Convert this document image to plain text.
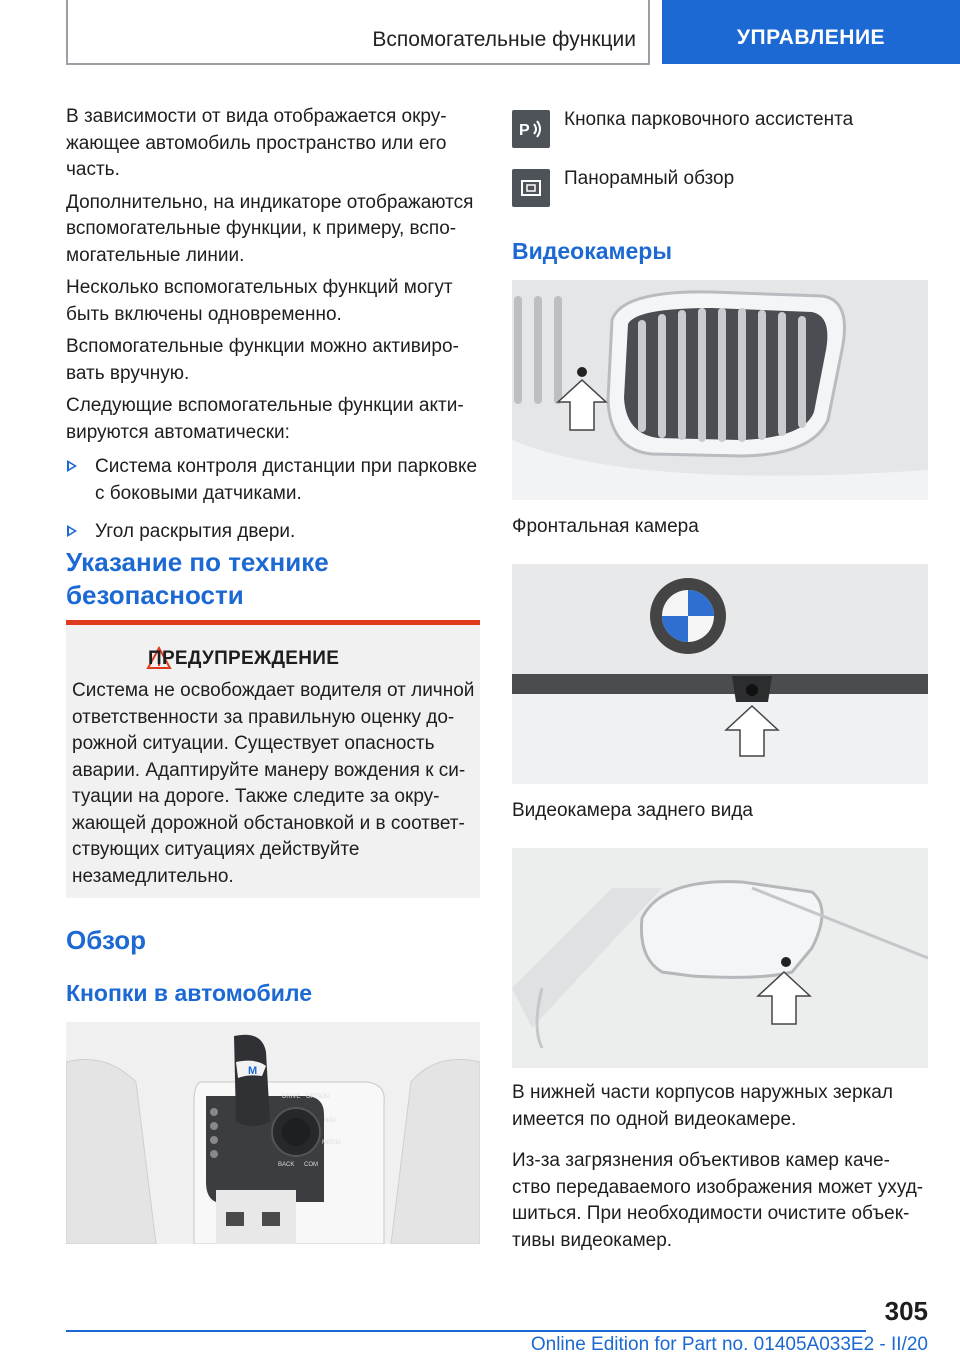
Вспомогательные функции	УПРАВЛЕНИЕ

В зависимости от вида отображается окру-жающее автомобиль пространство или его часть.

Дополнительно, на индикаторе отображаются вспомогательные функции, к примеру, вспо-могательные линии.

Несколько вспомогательных функций могут быть включены одновременно.

Вспомогательные функции можно активиро-вать вручную.

Следующие вспомогательные функции акти-вируются автоматически:

Система контроля дистанции при парковке с боковыми датчиками.
Угол раскрытия двери.

Указание по технике безопасности

ПРЕДУПРЕЖДЕНИЕ
Система не освобождает водителя от личной ответственности за правильную оценку до-рожной ситуации. Существует опасность аварии. Адаптируйте манеру вождения к си-туации на дороге. Также следите за окру-жающей дорожной обстановкой и в соответ-ствующих ситуациях действуйте незамедлительно.

Обзор

Кнопки в автомобиле

M
DRIVE OPTION
BACK COM
NAV
MEDIA
P
Кнопка парковочного ассистента
Панорамный обзор

Видеокамеры

Фронтальная камера
Видеокамера заднего вида
В нижней части корпусов наружных зеркал имеется по одной видеокамере.
Из-за загрязнения объективов камер каче-ство передаваемого изображения может ухуд-шиться. При необходимости очистите объек-тивы видеокамер.
305
Online Edition for Part no. 01405A033E2 - II/20
